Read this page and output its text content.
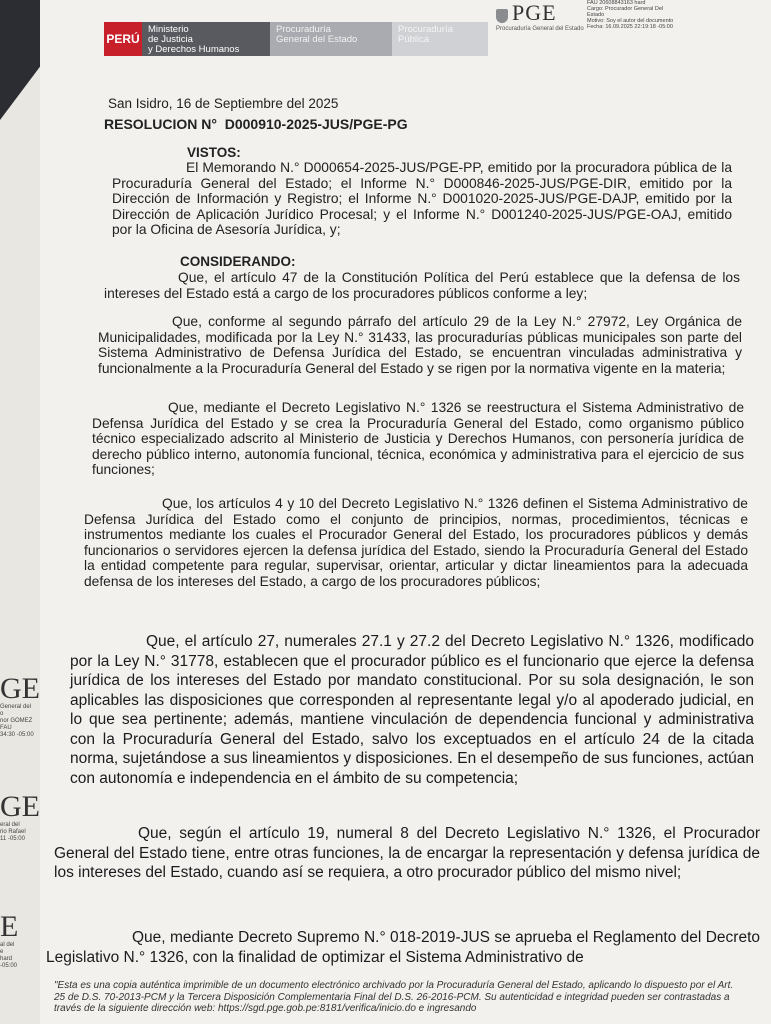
PERÚ
Ministerio
de Justicia
y Derechos Humanos
Procuraduría
General del Estado
Procuraduría
Pública
PGE
Procuraduría General del Estado
FAU 20608843163 hard
Cargo: Procurador General Del
Estado
Motivo: Soy el autor del documento
Fecha: 16.09.2025 22:19:18 -05:00
San Isidro, 16 de Septiembre del 2025
RESOLUCION N° D000910-2025-JUS/PGE-PG
VISTOS:
El Memorando N.° D000654-2025-JUS/PGE-PP, emitido por la procuradora pública de la Procuraduría General del Estado; el Informe N.° D000846-2025-JUS/PGE-DIR, emitido por la Dirección de Información y Registro; el Informe N.° D001020-2025-JUS/PGE-DAJP, emitido por la Dirección de Aplicación Jurídico Procesal; y el Informe N.° D001240-2025-JUS/PGE-OAJ, emitido por la Oficina de Asesoría Jurídica, y;
CONSIDERANDO:
Que, el artículo 47 de la Constitución Política del Perú establece que la defensa de los intereses del Estado está a cargo de los procuradores públicos conforme a ley;
Que, conforme al segundo párrafo del artículo 29 de la Ley N.° 27972, Ley Orgánica de Municipalidades, modificada por la Ley N.° 31433, las procuradurías públicas municipales son parte del Sistema Administrativo de Defensa Jurídica del Estado, se encuentran vinculadas administrativa y funcionalmente a la Procuraduría General del Estado y se rigen por la normativa vigente en la materia;
Que, mediante el Decreto Legislativo N.° 1326 se reestructura el Sistema Administrativo de Defensa Jurídica del Estado y se crea la Procuraduría General del Estado, como organismo público técnico especializado adscrito al Ministerio de Justicia y Derechos Humanos, con personería jurídica de derecho público interno, autonomía funcional, técnica, económica y administrativa para el ejercicio de sus funciones;
Que, los artículos 4 y 10 del Decreto Legislativo N.° 1326 definen el Sistema Administrativo de Defensa Jurídica del Estado como el conjunto de principios, normas, procedimientos, técnicas e instrumentos mediante los cuales el Procurador General del Estado, los procuradores públicos y demás funcionarios o servidores ejercen la defensa jurídica del Estado, siendo la Procuraduría General del Estado la entidad competente para regular, supervisar, orientar, articular y dictar lineamientos para la adecuada defensa de los intereses del Estado, a cargo de los procuradores públicos;
Que, el artículo 27, numerales 27.1 y 27.2 del Decreto Legislativo N.° 1326, modificado por la Ley N.° 31778, establecen que el procurador público es el funcionario que ejerce la defensa jurídica de los intereses del Estado por mandato constitucional. Por su sola designación, le son aplicables las disposiciones que corresponden al representante legal y/o al apoderado judicial, en lo que sea pertinente; además, mantiene vinculación de dependencia funcional y administrativa con la Procuraduría General del Estado, salvo los exceptuados en el artículo 24 de la citada norma, sujetándose a sus lineamientos y disposiciones. En el desempeño de sus funciones, actúan con autonomía e independencia en el ámbito de su competencia;
Que, según el artículo 19, numeral 8 del Decreto Legislativo N.° 1326, el Procurador General del Estado tiene, entre otras funciones, la de encargar la representación y defensa jurídica de los intereses del Estado, cuando así se requiera, a otro procurador público del mismo nivel;
Que, mediante Decreto Supremo N.° 018-2019-JUS se aprueba el Reglamento del Decreto Legislativo N.° 1326, con la finalidad de optimizar el Sistema Administrativo de
GE
General del
o
nor GOMEZ
FAU
34:30 -05:00
GE
eral del
rio Rafael
11 -05:00
E
al del
e
hard
-05:00
"Esta es una copia auténtica imprimible de un documento electrónico archivado por la Procuraduría General del Estado, aplicando lo dispuesto por el Art. 25 de D.S. 70-2013-PCM y la Tercera Disposición Complementaria Final del D.S. 26-2016-PCM. Su autenticidad e integridad pueden ser contrastadas a través de la siguiente dirección web: https://sgd.pge.gob.pe:8181/verifica/inicio.do e ingresando
